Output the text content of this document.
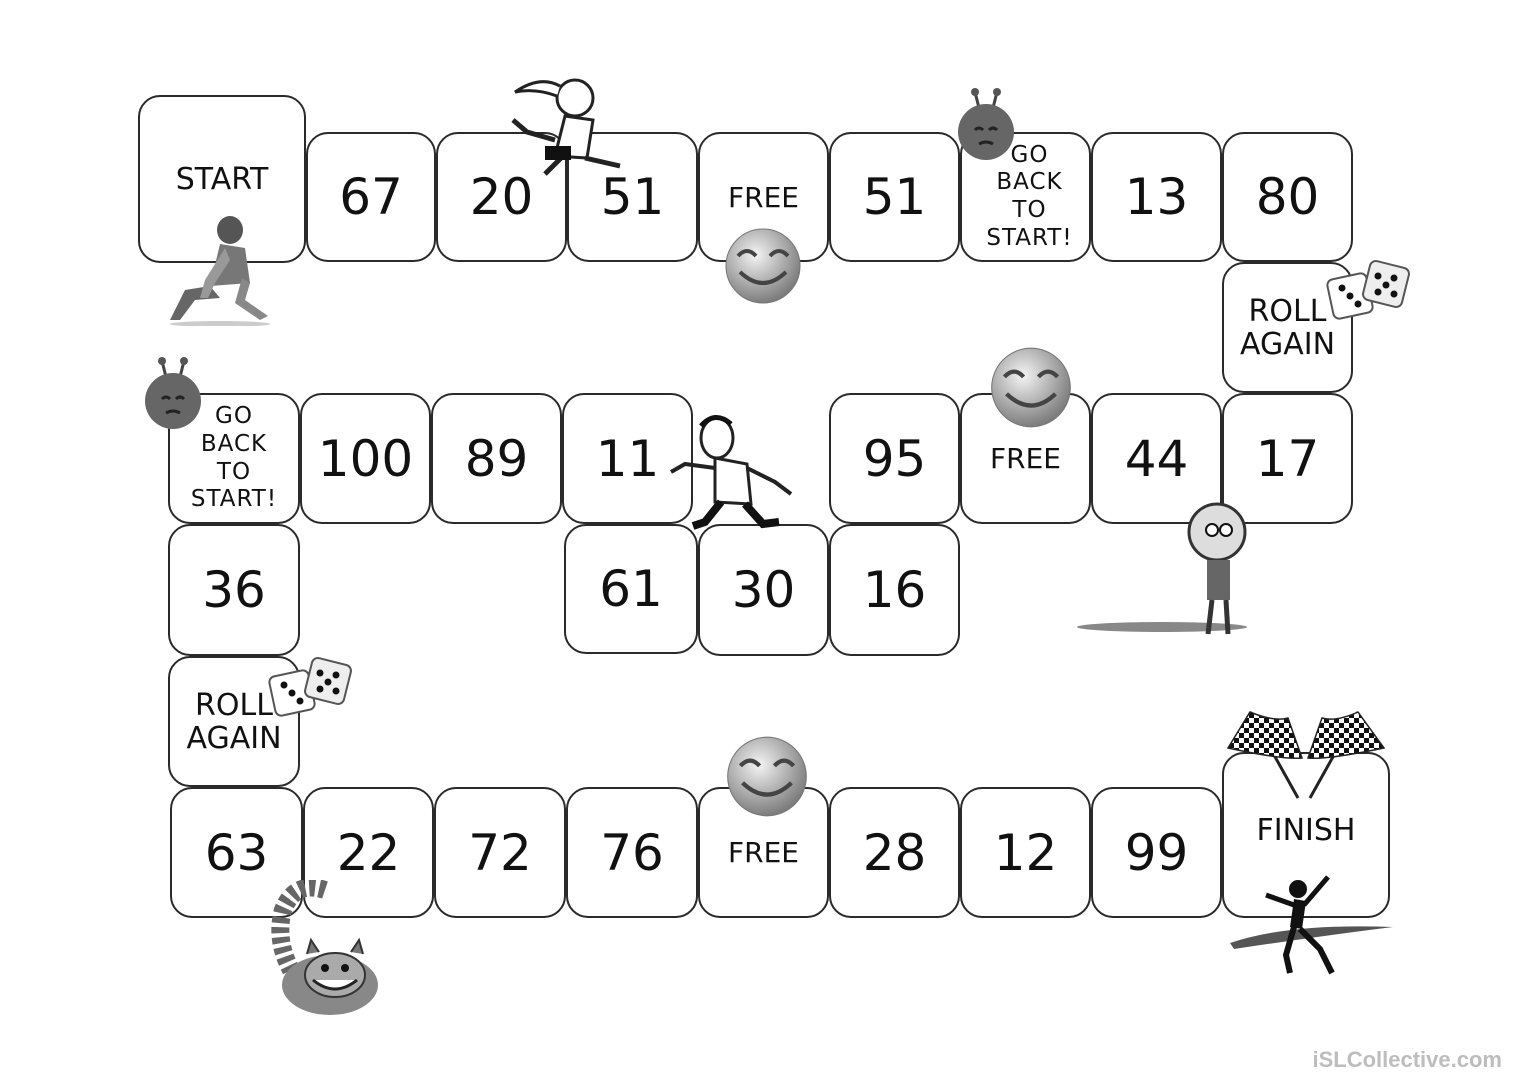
START 67 20 51 FREE 51
GO
BACK
TO
START!
13 80
ROLL
AGAIN
17
44
FREE
95
16
30
61
11
89
100
GO
BACK
TO
START!
36
ROLL
AGAIN
63 22 72 76 FREE 28 12 99 FINISH
iSLCollective.com
